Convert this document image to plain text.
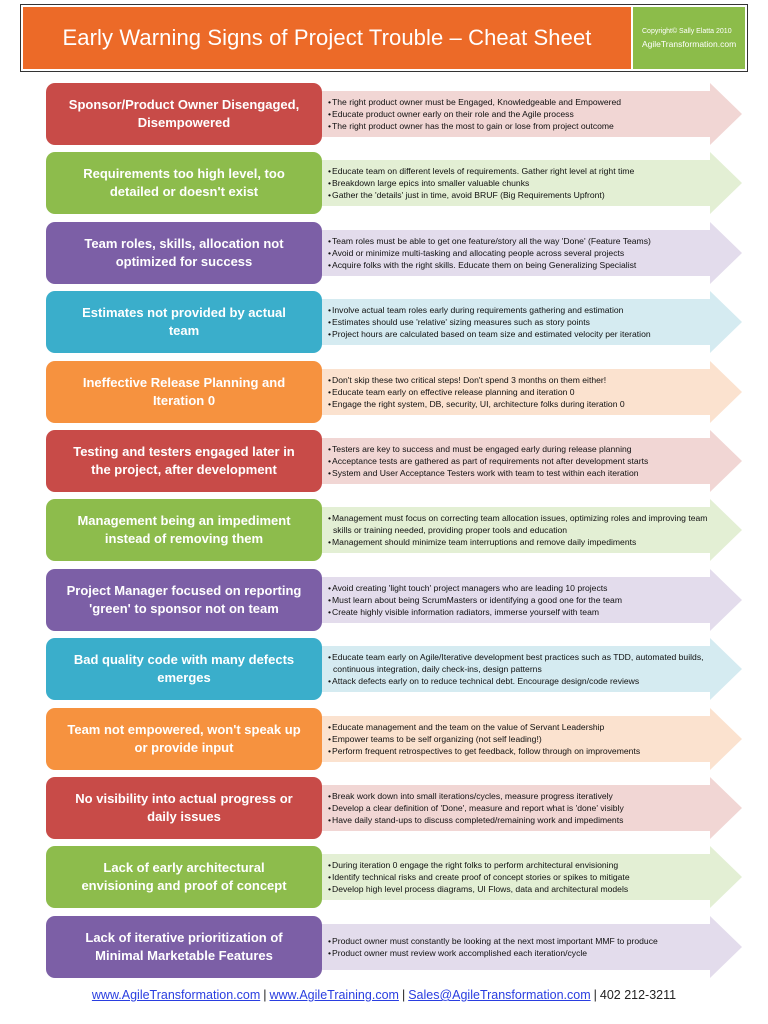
Early Warning Signs of Project Trouble – Cheat Sheet	Copyright© Sally Elatta 2010
AgileTransformation.com
• The right product owner must be Engaged, Knowledgeable and Empowered
• Educate product owner early on their role and the Agile process
• The right product owner has the most to gain or lose from project outcome
Sponsor/Product Owner Disengaged, Disempowered
• Educate team on different levels of requirements. Gather right level at right time
• Breakdown large epics into smaller valuable chunks
• Gather the 'details' just in time, avoid BRUF (Big Requirements Upfront)
Requirements too high level, too detailed or doesn't exist
• Team roles must be able to get one feature/story all the way 'Done' (Feature Teams)
• Avoid or minimize multi-tasking and allocating people across several projects
• Acquire folks with the right skills. Educate them on being Generalizing Specialist
Team roles, skills, allocation not optimized for success
• Involve actual team roles early during requirements gathering and estimation
• Estimates should use 'relative' sizing measures such as story points
• Project hours are calculated based on team size and estimated velocity per iteration
Estimates not provided by actual team
• Don't skip these two critical steps! Don't spend 3 months on them either!
• Educate team early on effective release planning and iteration 0
• Engage the right system, DB, security, UI, architecture folks during iteration 0
Ineffective Release Planning and Iteration 0
• Testers are key to success and must be engaged early during release planning
• Acceptance tests are gathered as part of requirements not after development starts
• System and User Acceptance Testers work with team to test within each iteration
Testing and testers engaged later in the project, after development
• Management must focus on correcting team allocation issues, optimizing roles and improving team skills or training needed, providing proper tools and education
• Management should minimize team interruptions and remove daily impediments
Management being an impediment instead of removing them
• Avoid creating 'light touch' project managers who are leading 10 projects
• Must learn about being ScrumMasters or identifying a good one for the team
• Create highly visible information radiators, immerse yourself with team
Project Manager focused on reporting 'green' to sponsor not on team
• Educate team early on Agile/Iterative development best practices such as TDD, automated builds, continuous integration, daily check-ins, design patterns
• Attack defects early on to reduce technical debt. Encourage design/code reviews
Bad quality code with many defects emerges
• Educate management and the team on the value of Servant Leadership
• Empower teams to be self organizing (not self leading!)
• Perform frequent retrospectives to get feedback, follow through on improvements
Team not empowered, won't speak up or provide input
• Break work down into small iterations/cycles, measure progress iteratively
• Develop a clear definition of 'Done', measure and report what is 'done' visibly
• Have daily stand-ups to discuss completed/remaining work and impediments
No visibility into actual progress or daily issues
• During iteration 0 engage the right folks to perform architectural envisioning
• Identify technical risks and create proof of concept stories or spikes to mitigate
• Develop high level process diagrams, UI Flows, data and architectural models
Lack of early architectural envisioning and proof of concept
• Product owner must constantly be looking at the next most important MMF to produce
• Product owner must review work accomplished each iteration/cycle
Lack of iterative prioritization of Minimal Marketable Features
www.AgileTransformation.com | www.AgileTraining.com | Sales@AgileTransformation.com | 402 212-3211
